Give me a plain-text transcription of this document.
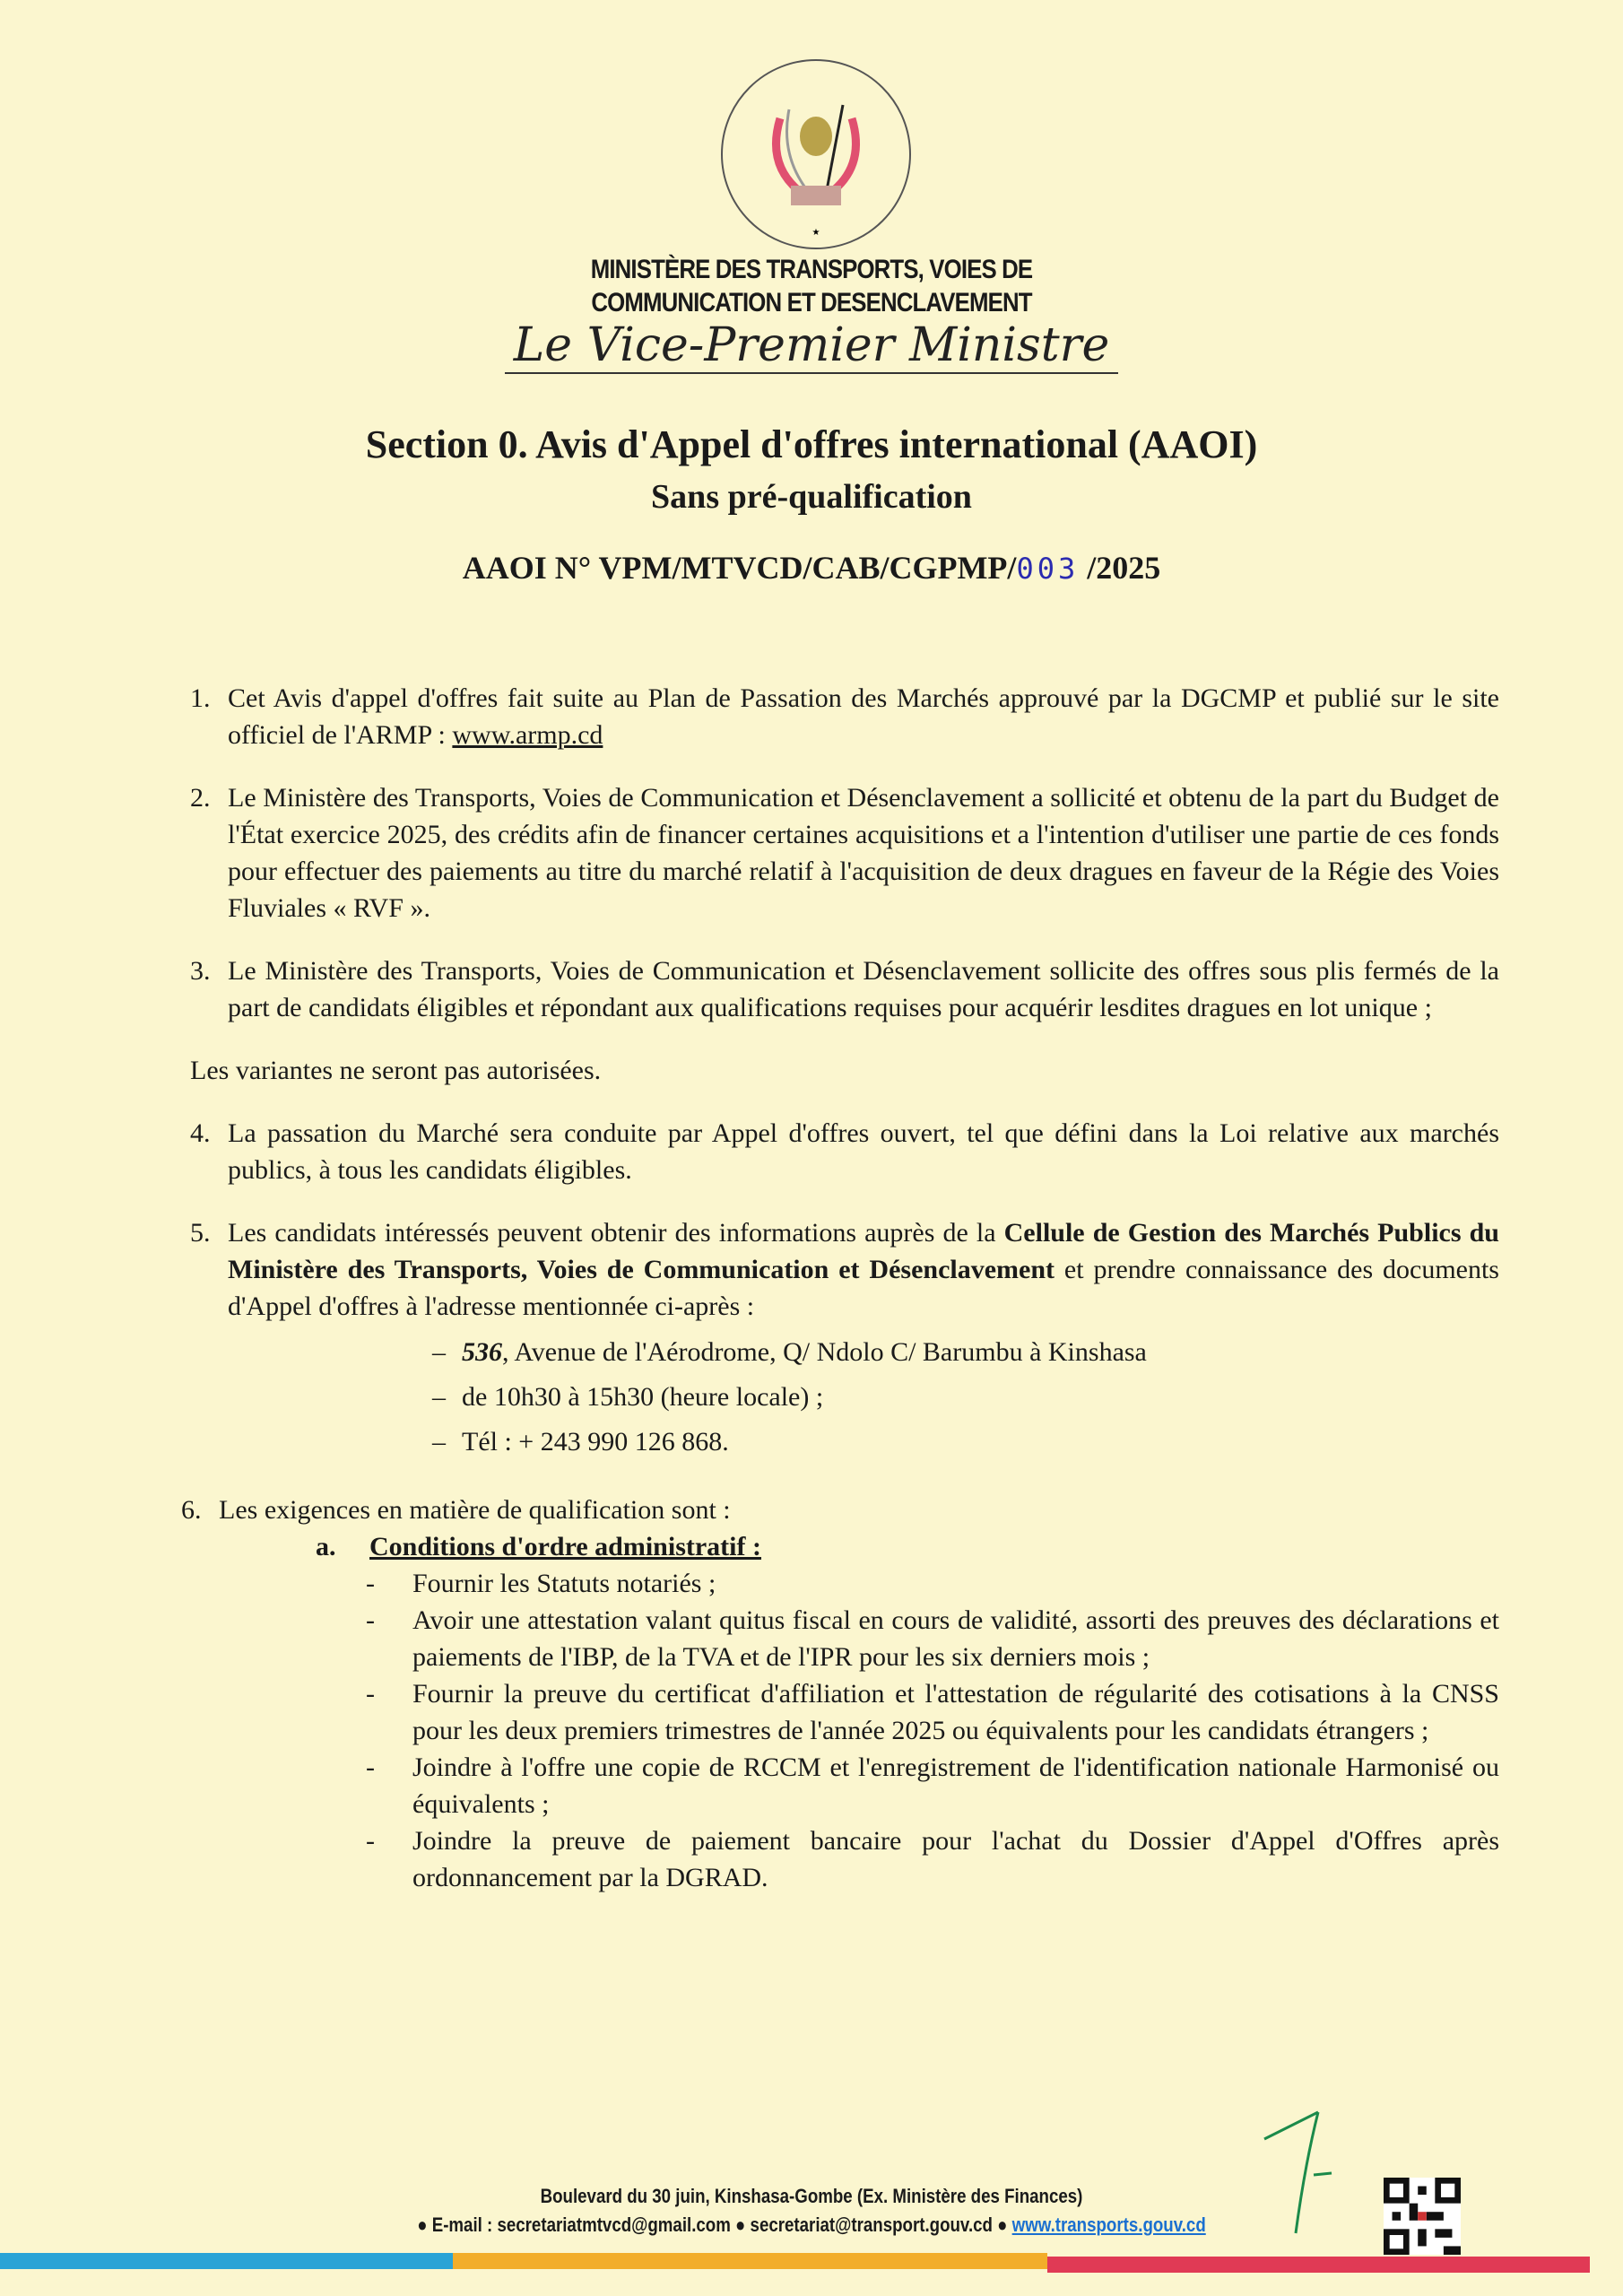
★
MINISTÈRE DES TRANSPORTS, VOIES DE
COMMUNICATION ET DESENCLAVEMENT
Le Vice-Premier Ministre
Section 0. Avis d'Appel d'offres international (AAOI)
Sans pré-qualification
AAOI N° VPM/MTVCD/CAB/CGPMP/003 /2025
1. Cet Avis d'appel d'offres fait suite au Plan de Passation des Marchés approuvé par la DGCMP et publié sur le site officiel de l'ARMP : www.armp.cd
2. Le Ministère des Transports, Voies de Communication et Désenclavement a sollicité et obtenu de la part du Budget de l'État exercice 2025, des crédits afin de financer certaines acquisitions et a l'intention d'utiliser une partie de ces fonds pour effectuer des paiements au titre du marché relatif à l'acquisition de deux dragues en faveur de la Régie des Voies Fluviales « RVF ».
3. Le Ministère des Transports, Voies de Communication et Désenclavement sollicite des offres sous plis fermés de la part de candidats éligibles et répondant aux qualifications requises pour acquérir lesdites dragues en lot unique ;
Les variantes ne seront pas autorisées.
4. La passation du Marché sera conduite par Appel d'offres ouvert, tel que défini dans la Loi relative aux marchés publics, à tous les candidats éligibles.
5. Les candidats intéressés peuvent obtenir des informations auprès de la Cellule de Gestion des Marchés Publics du Ministère des Transports, Voies de Communication et Désenclavement et prendre connaissance des documents d'Appel d'offres à l'adresse mentionnée ci-après :
– 536, Avenue de l'Aérodrome, Q/ Ndolo C/ Barumbu à Kinshasa
– de 10h30 à 15h30 (heure locale) ;
– Tél : + 243 990 126 868.
6. Les exigences en matière de qualification sont :
a. Conditions d'ordre administratif :
-	Fournir les Statuts notariés ;
-	Avoir une attestation valant quitus fiscal en cours de validité, assorti des preuves des déclarations et paiements de l'IBP, de la TVA et de l'IPR pour les six derniers mois ;
-	Fournir la preuve du certificat d'affiliation et l'attestation de régularité des cotisations à la CNSS pour les deux premiers trimestres de l'année 2025 ou équivalents pour les candidats étrangers ;
-	Joindre à l'offre une copie de RCCM et l'enregistrement de l'identification nationale Harmonisé ou équivalents ;
-	Joindre la preuve de paiement bancaire pour l'achat du Dossier d'Appel d'Offres après ordonnancement par la DGRAD.
Boulevard du 30 juin, Kinshasa-Gombe (Ex. Ministère des Finances)
● E-mail : secretariatmtvcd@gmail.com ● secretariat@transport.gouv.cd ● www.transports.gouv.cd
